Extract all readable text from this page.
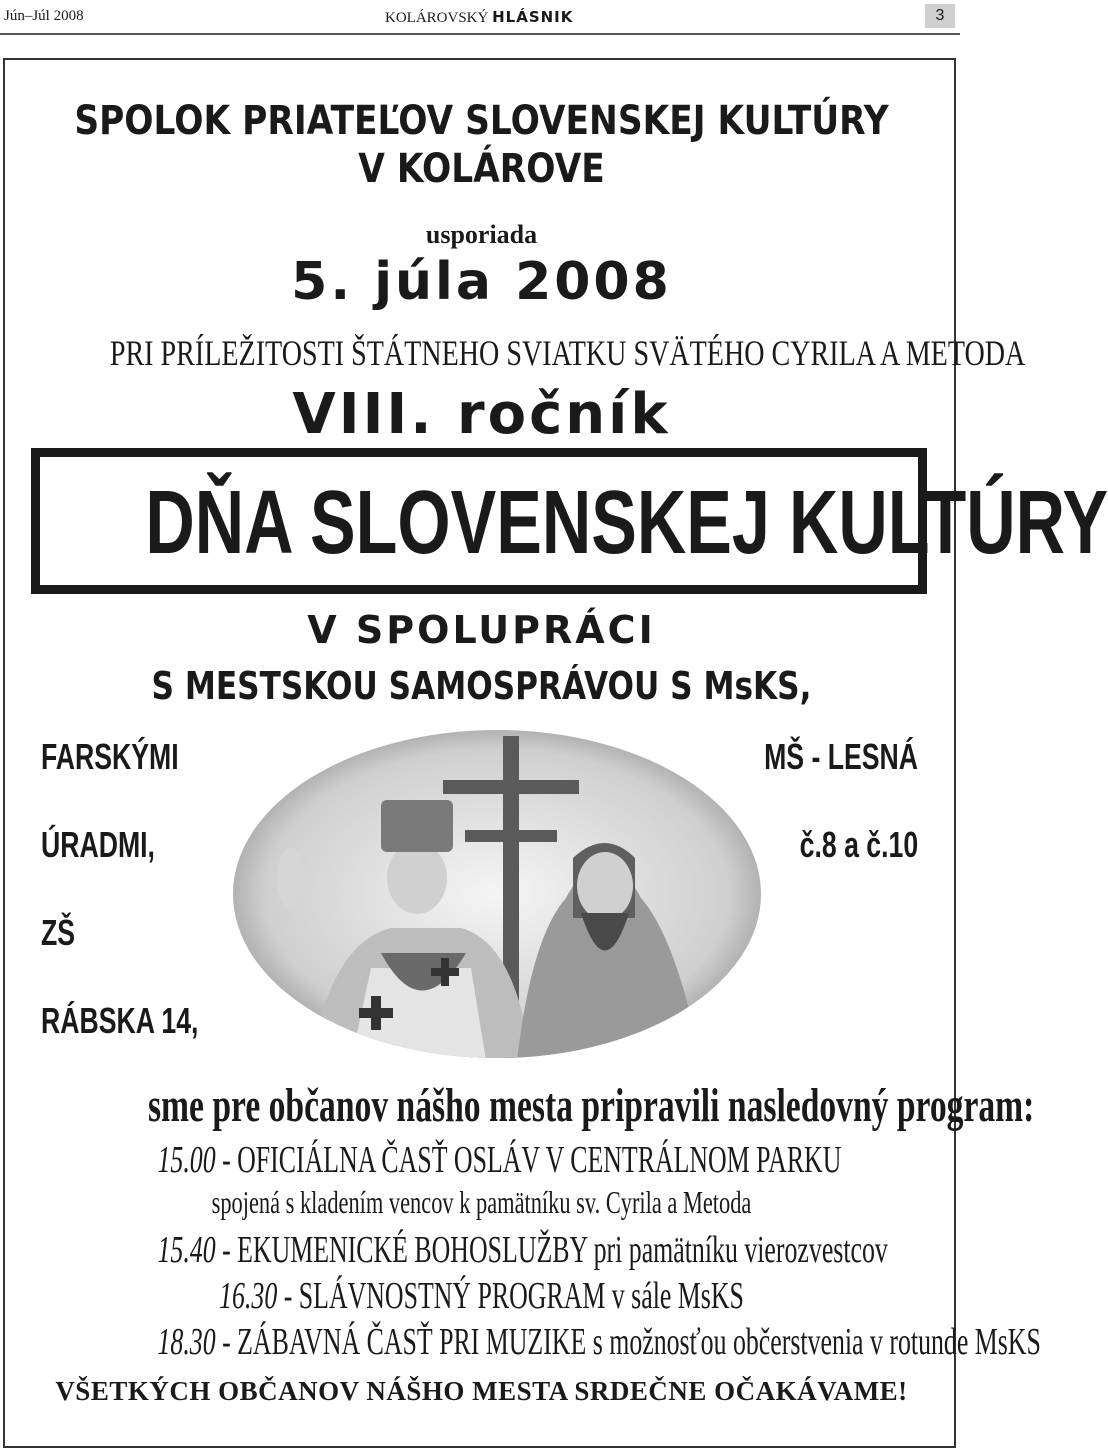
Jún–Júl 2008	KOLÁROVSKÝ HLÁSNIK	3
SPOLOK PRIATEĽOV SLOVENSKEJ KULTÚRY
V KOLÁROVE
usporiada
5. júla 2008
PRI PRÍLEŽITOSTI ŠTÁTNEHO SVIATKU SVÄTÉHO CYRILA A METODA
VIII. ročník
DŇA SLOVENSKEJ KULTÚRY
V SPOLUPRÁCI
S MESTSKOU SAMOSPRÁVOU S MsKS,
FARSKÝMI
ÚRADMI,
ZŠ
RÁBSKA 14,
MŠ - LESNÁ
č.8 a č.10
sme pre občanov nášho mesta pripravili nasledovný program:
15.00 - OFICIÁLNA ČASŤ OSLÁV V CENTRÁLNOM PARKU
spojená s kladením vencov k pamätníku sv. Cyrila a Metoda
15.40 - EKUMENICKÉ BOHOSLUŽBY pri pamätníku vierozvestcov
16.30 - SLÁVNOSTNÝ PROGRAM v sále MsKS
18.30 - ZÁBAVNÁ ČASŤ PRI MUZIKE s možnosťou občerstvenia v rotunde MsKS
VŠETKÝCH OBČANOV NÁŠHO MESTA SRDEČNE OČAKÁVAME!
